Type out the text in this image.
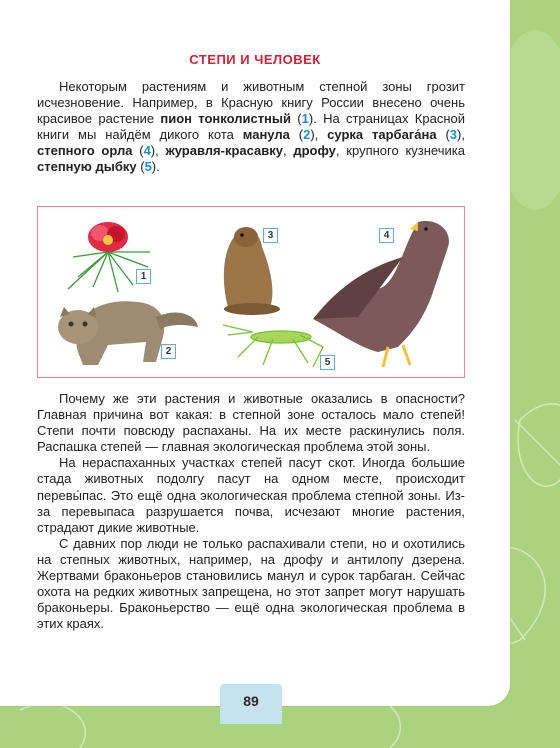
СТЕПИ И ЧЕЛОВЕК

Некоторым растениям и животным степной зоны грозит исчезновение. Например, в Красную книгу России внесено очень красивое растение пион тонколистный (1). На страницах Красной книги мы найдём дикого кота манула (2), сурка тарбага́на (3), степного орла (4), журавля-красавку, дрофу, крупного кузнечика степную дыбку (5).

1
2
3	4
5

Почему же эти растения и животные оказались в опасности? Главная причина вот какая: в степной зоне осталось мало степей! Степи почти повсюду распаханы. На их месте раскинулись поля. Распашка степей — главная экологическая проблема этой зоны.

На нераспаханных участках степей пасут скот. Иногда большие стада животных подолгу пасут на одном месте, происходит перевы́пас. Это ещё одна экологическая проблема степной зоны. Из-за перевыпаса разрушается почва, исчезают многие растения, страдают дикие животные.

С давних пор люди не только распахивали степи, но и охотились на степных животных, например, на дрофу и антилопу дзерена. Жертвами браконьеров становились манул и сурок тарбаган. Сейчас охота на редких животных запрещена, но этот запрет могут нарушать браконьеры. Браконьерство — ещё одна экологическая проблема в этих краях.

89
